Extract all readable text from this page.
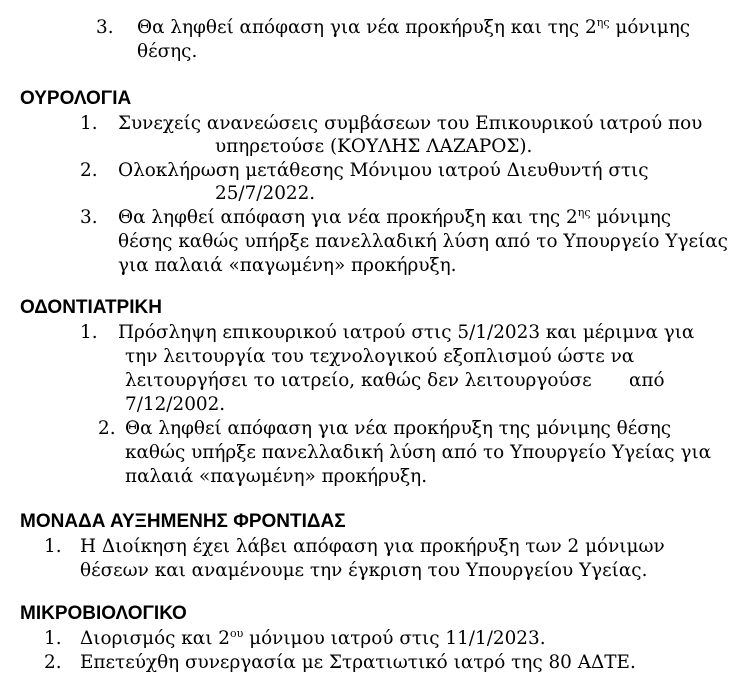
3. Θα ληφθεί απόφαση για νέα προκήρυξη και της $2^{\eta\varsigma}$ μόνιμης
θέσης.
ΟΥΡΟΛΟΓΙΑ
1. Συνεχείς ανανεώσεις συμβάσεων του Επικουρικού ιατρού που
υπηρετούσε (ΚΟΥΛΗΣ ΛΑΖΑΡΟΣ).
2. Ολοκλήρωση μετάθεσης Μόνιμου ιατρού Διευθυντή στις
25/7/2022.
3. Θα ληφθεί απόφαση για νέα προκήρυξη και της $2^{\eta\varsigma}$ μόνιμης
θέσης καθώς υπήρξε πανελλαδική λύση από το Υπουργείο Υγείας
για παλαιά «παγωμένη» προκήρυξη.
ΟΔΟΝΤΙΑΤΡΙΚΗ
1. Πρόσληψη επικουρικού ιατρού στις 5/1/2023 και μέριμνα για
την λειτουργία του τεχνολογικού εξοπλισμού ώστε να
λειτουργήσει το ιατρείο, καθώς δεν λειτουργούσε από
7/12/2002.
2. Θα ληφθεί απόφαση για νέα προκήρυξη της μόνιμης θέσης
καθώς υπήρξε πανελλαδική λύση από το Υπουργείο Υγείας για
παλαιά «παγωμένη» προκήρυξη.
ΜΟΝΑΔΑ ΑΥΞΗΜΕΝΗΣ ΦΡΟΝΤΙΔΑΣ
1. Η Διοίκηση έχει λάβει απόφαση για προκήρυξη των 2 μόνιμων
θέσεων και αναμένουμε την έγκριση του Υπουργείου Υγείας.
ΜΙΚΡΟΒΙΟΛΟΓΙΚΟ
1. Διορισμός και $2^{o\upsilon}$ μόνιμου ιατρού στις 11/1/2023.
2. Επετεύχθη συνεργασία με Στρατιωτικό ιατρό της 80 ΑΔΤΕ.
